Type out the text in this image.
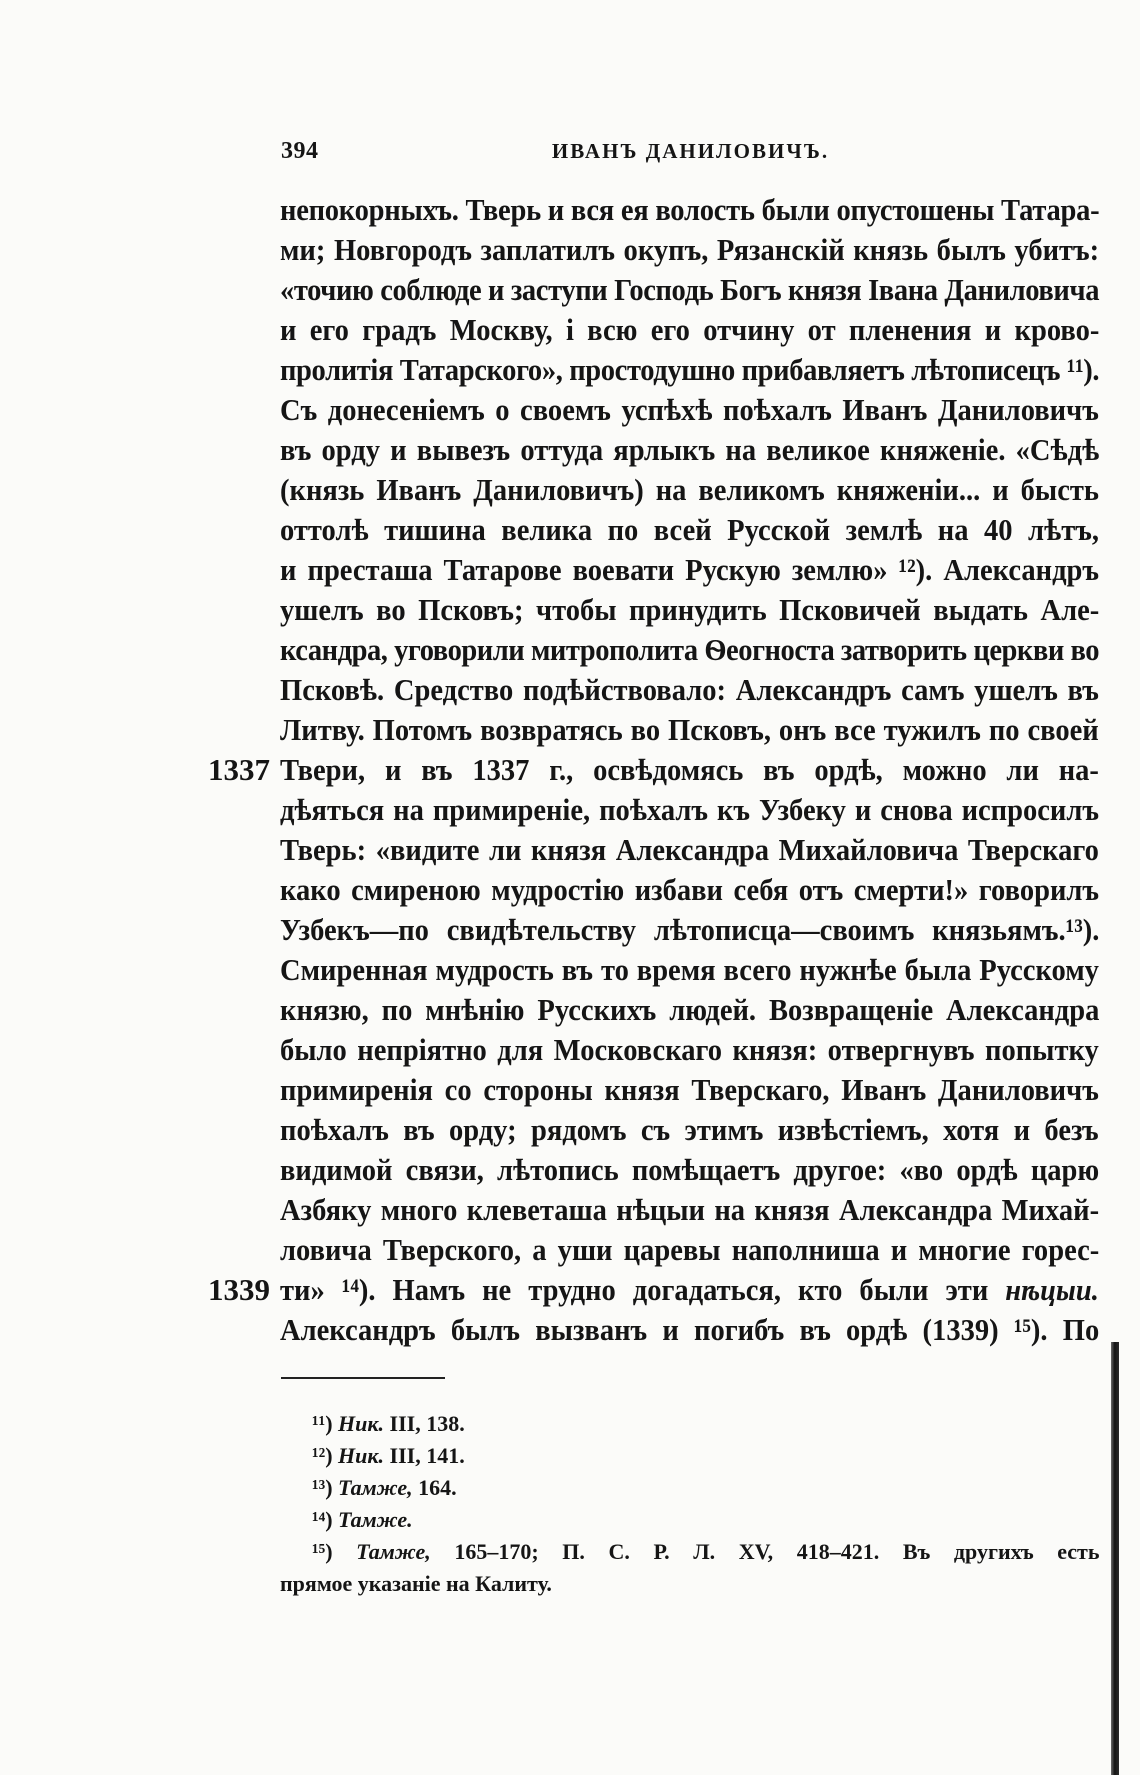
394	ИВАНЪ ДАНИЛОВИЧЪ.
1337
1339
непокорныхъ. Тверь и вся ея волость были опустошены Татара-
ми; Новгородъ заплатилъ окупъ, Рязанскій князь былъ убитъ:
«точию соблюде и заступи Господь Богъ князя Івана Даниловича
и его градъ Москву, і всю его отчину от пленения и крово-
пролитія Татарского», простодушно прибавляетъ лѣтописецъ ¹¹).
Съ донесеніемъ о своемъ успѣхѣ поѣхалъ Иванъ Даниловичъ
въ орду и вывезъ оттуда ярлыкъ на великое княженіе. «Сѣдѣ
(князь Иванъ Даниловичъ) на великомъ княженіи... и бысть
оттолѣ тишина велика по всей Русской землѣ на 40 лѣтъ,
и престаша Татарове воевати Рускую землю» ¹²). Александръ
ушелъ во Псковъ; чтобы принудить Псковичей выдать Але-
ксандра, уговорили митрополита Ѳеогноста затворить церкви во
Псковѣ. Средство подѣйствовало: Александръ самъ ушелъ въ
Литву. Потомъ возвратясь во Псковъ, онъ все тужилъ по своей
Твери, и въ 1337 г., освѣдомясь въ ордѣ, можно ли на-
дѣяться на примиреніе, поѣхалъ къ Узбеку и снова испросилъ
Тверь: «видите ли князя Александра Михайловича Тверскаго
како смиреною мудростію избави себя отъ смерти!» говорилъ
Узбекъ—по свидѣтельству лѣтописца—своимъ князьямъ.¹³).
Смиренная мудрость въ то время всего нужнѣе была Русскому
князю, по мнѣнію Русскихъ людей. Возвращеніе Александра
было непріятно для Московскаго князя: отвергнувъ попытку
примиренія со стороны князя Тверскаго, Иванъ Даниловичъ
поѣхалъ въ орду; рядомъ съ этимъ извѣстіемъ, хотя и безъ
видимой связи, лѣтопись помѣщаетъ другое: «во ордѣ царю
Азбяку много клеветаша нѣцыи на князя Александра Михай-
ловича Тверского, а уши царевы наполниша и многие горес-
ти» ¹⁴). Намъ не трудно догадаться, кто были эти нѣцыи.
Александръ былъ вызванъ и погибъ въ ордѣ (1339) ¹⁵). По
¹¹) Ник. III, 138.
¹²) Ник. III, 141.
¹³) Тамже, 164.
¹⁴) Тамже.
¹⁵) Тамже, 165–170; П. С. Р. Л. XV, 418–421. Въ другихъ есть
прямое указаніе на Калиту.
